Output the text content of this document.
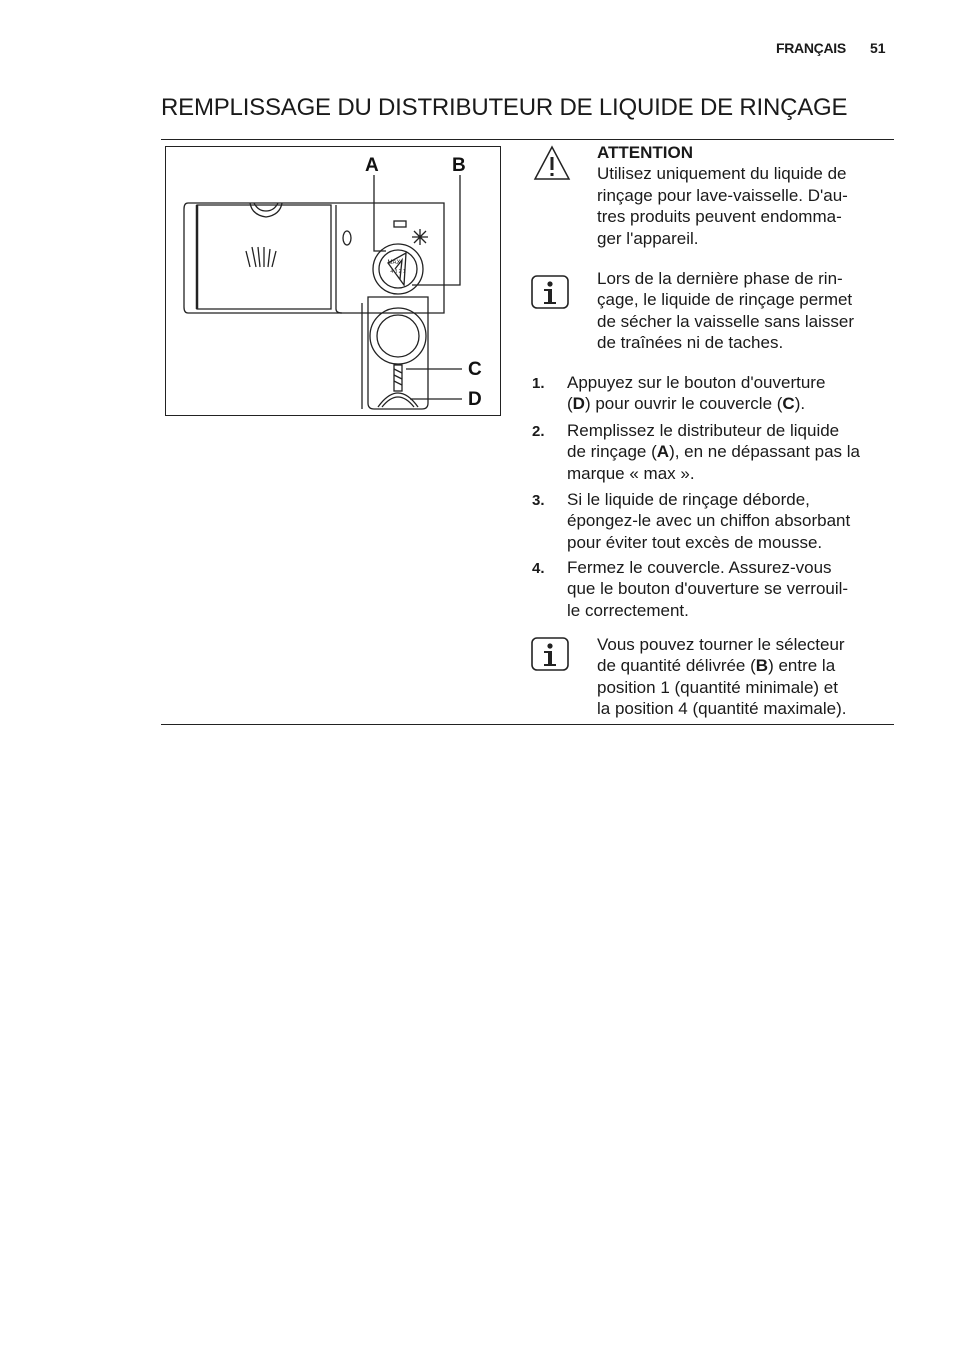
FRANÇAIS 51
REMPLISSAGE DU DISTRIBUTEUR DE LIQUIDE DE RINÇAGE
MAX
4 3 2 1
A	B
C
D
ATTENTION
Utilisez uniquement du liquide de
rinçage pour lave-vaisselle. D'au-
tres produits peuvent endomma-
ger l'appareil.
Lors de la dernière phase de rin-
çage, le liquide de rinçage permet
de sécher la vaisselle sans laisser
de traînées ni de taches.
1. Appuyez sur le bouton d'ouverture
(D) pour ouvrir le couvercle (C).
2. Remplissez le distributeur de liquide
de rinçage (A), en ne dépassant pas la
marque « max ».
3. Si le liquide de rinçage déborde,
épongez-le avec un chiffon absorbant
pour éviter tout excès de mousse.
4. Fermez le couvercle. Assurez-vous
que le bouton d'ouverture se verrouil-
le correctement.
Vous pouvez tourner le sélecteur
de quantité délivrée (B) entre la
position 1 (quantité minimale) et
la position 4 (quantité maximale).
